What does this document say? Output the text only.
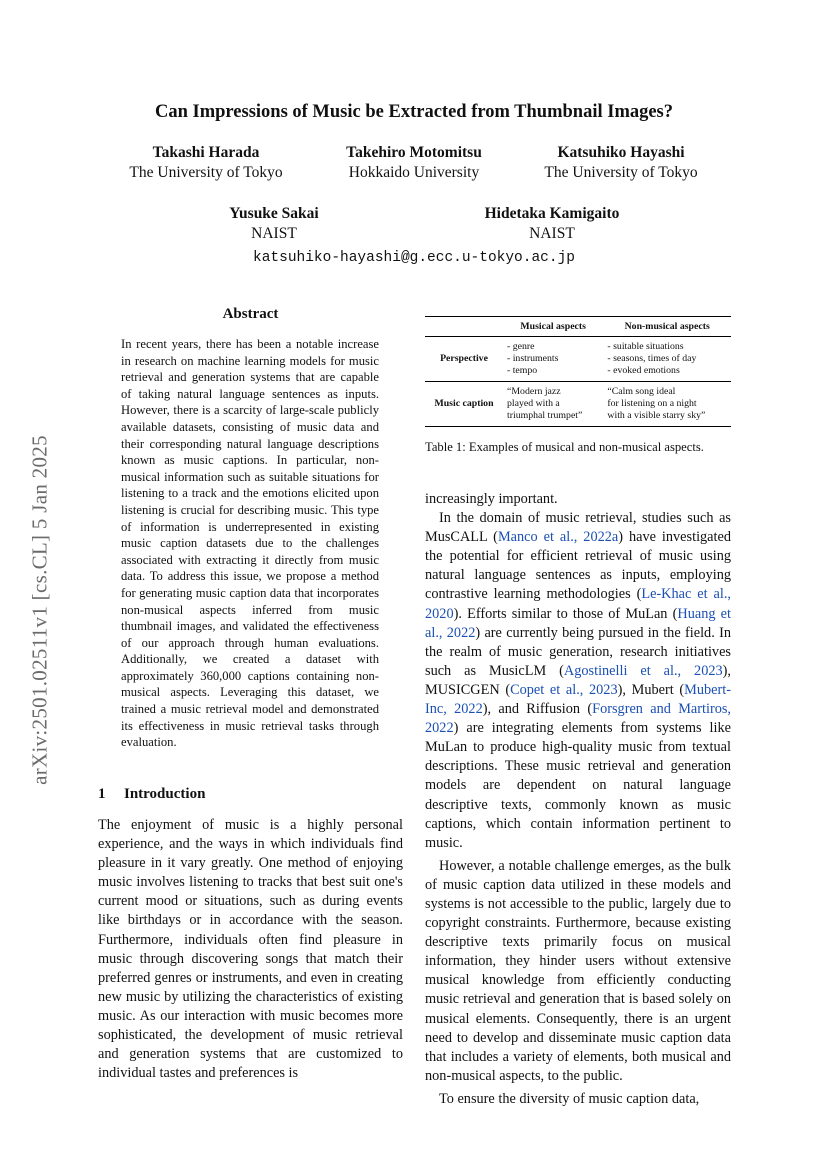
arXiv:2501.02511v1 [cs.CL] 5 Jan 2025
Can Impressions of Music be Extracted from Thumbnail Images?
Takashi Harada
The University of Tokyo
Takehiro Motomitsu
Hokkaido University
Katsuhiko Hayashi
The University of Tokyo
Yusuke Sakai
NAIST
Hidetaka Kamigaito
NAIST
katsuhiko-hayashi@g.ecc.u-tokyo.ac.jp
Abstract

In recent years, there has been a notable increase in research on machine learning models for music retrieval and generation systems that are capable of taking natural language sentences as inputs. However, there is a scarcity of large-scale publicly available datasets, consisting of music data and their corresponding natural language descriptions known as music captions. In particular, non-musical information such as suitable situations for listening to a track and the emotions elicited upon listening is crucial for describing music. This type of information is underrepresented in existing music caption datasets due to the challenges associated with extracting it directly from music data. To address this issue, we propose a method for generating music caption data that incorporates non-musical aspects inferred from music thumbnail images, and validated the effectiveness of our approach through human evaluations. Additionally, we created a dataset with approximately 360,000 captions containing non-musical aspects. Leveraging this dataset, we trained a music retrieval model and demonstrated its effectiveness in music retrieval tasks through evaluation.

1 Introduction

The enjoyment of music is a highly personal experience, and the ways in which individuals find pleasure in it vary greatly. One method of enjoying music involves listening to tracks that best suit one's current mood or situations, such as during events like birthdays or in accordance with the season. Furthermore, individuals often find pleasure in music through discovering songs that match their preferred genres or instruments, and even in creating new music by utilizing the characteristics of existing music. As our interaction with music becomes more sophisticated, the development of music retrieval and generation systems that are customized to individual tastes and preferences is

	Musical aspects	Non-musical aspects
Perspective	- genre
- instruments
- tempo	- suitable situations
- seasons, times of day
- evoked emotions
Music caption	“Modern jazz
played with a
triumphal trumpet”	“Calm song ideal
for listening on a night
with a visible starry sky”
Table 1: Examples of musical and non-musical aspects.

increasingly important.

In the domain of music retrieval, studies such as MusCALL (Manco et al., 2022a) have investigated the potential for efficient retrieval of music using natural language sentences as inputs, employing contrastive learning methodologies (Le-Khac et al., 2020). Efforts similar to those of MuLan (Huang et al., 2022) are currently being pursued in the field. In the realm of music generation, research initiatives such as MusicLM (Agostinelli et al., 2023), MUSICGEN (Copet et al., 2023), Mubert (Mubert-Inc, 2022), and Riffusion (Forsgren and Martiros, 2022) are integrating elements from systems like MuLan to produce high-quality music from textual descriptions. These music retrieval and generation models are dependent on natural language descriptive texts, commonly known as music captions, which contain information pertinent to music.

However, a notable challenge emerges, as the bulk of music caption data utilized in these models and systems is not accessible to the public, largely due to copyright constraints. Furthermore, because existing descriptive texts primarily focus on musical information, they hinder users without extensive musical knowledge from efficiently conducting music retrieval and generation that is based solely on musical elements. Consequently, there is an urgent need to develop and disseminate music caption data that includes a variety of elements, both musical and non-musical aspects, to the public.

To ensure the diversity of music caption data,
